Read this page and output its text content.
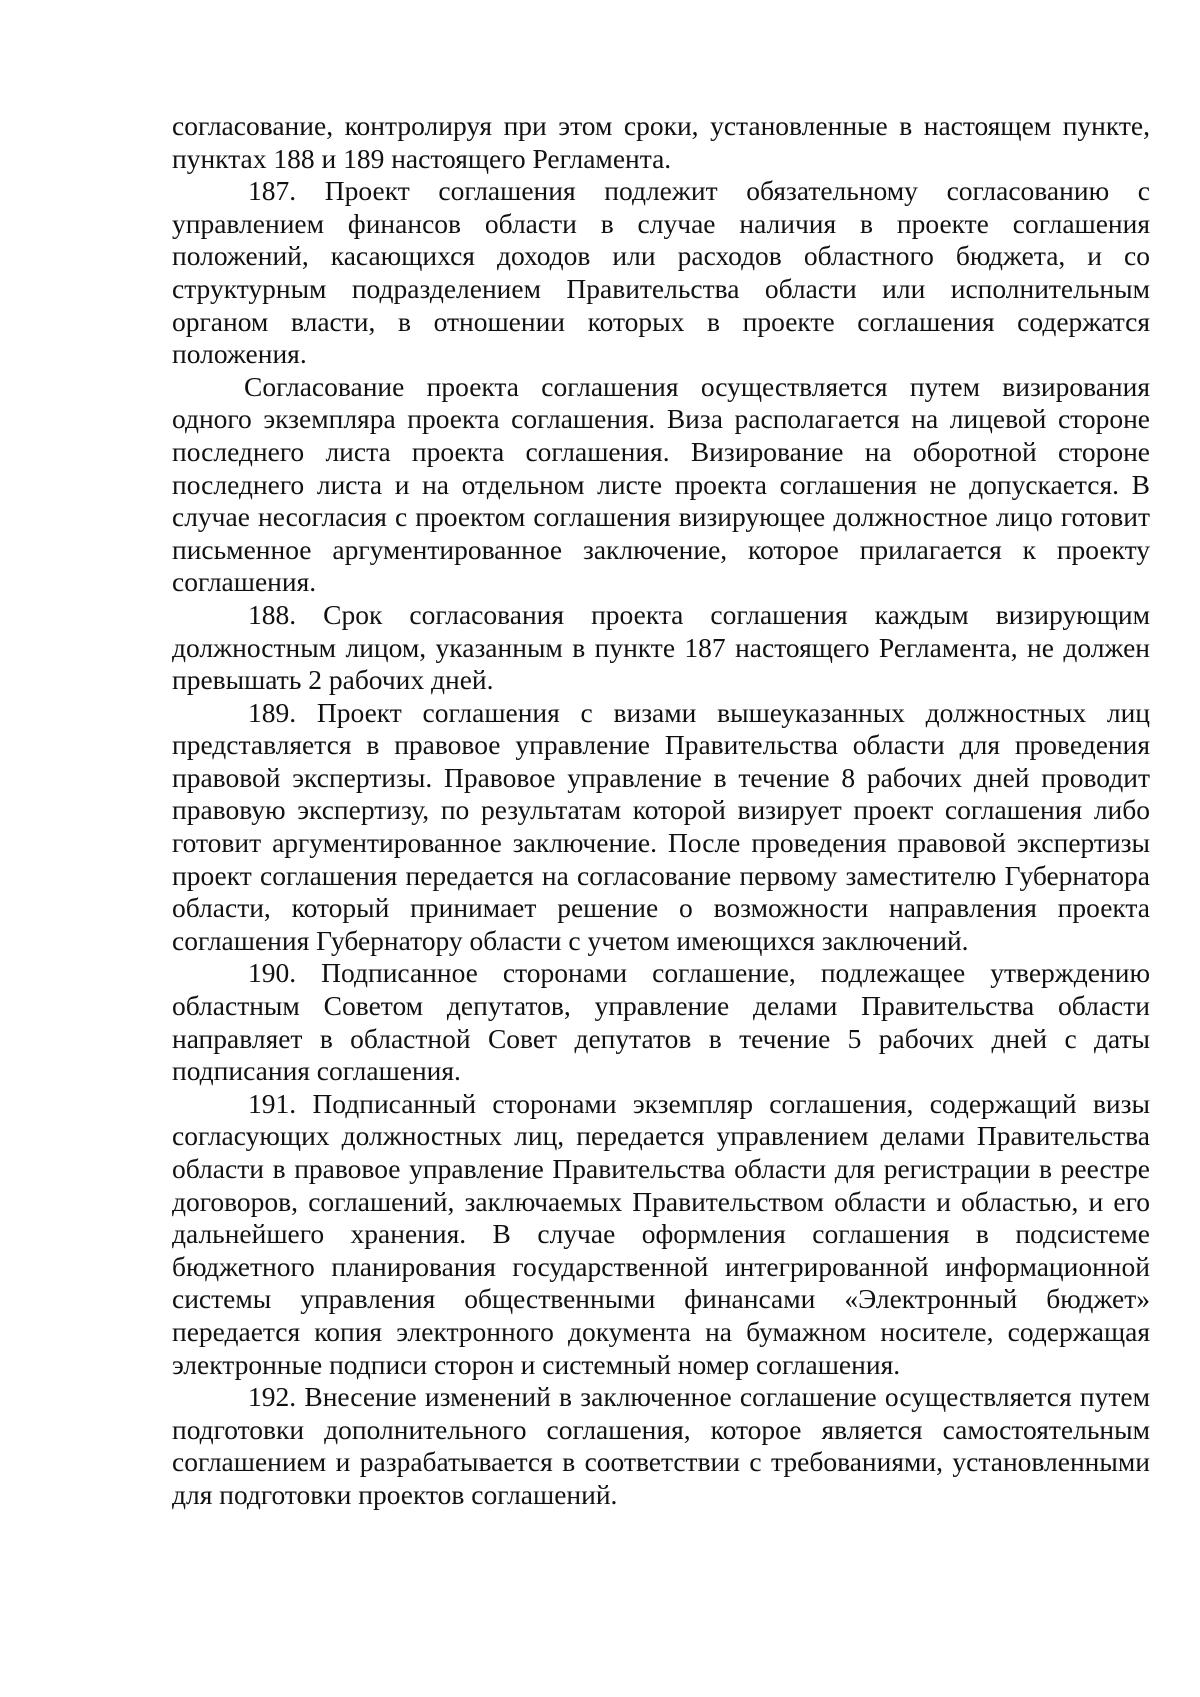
согласование, контролируя при этом сроки, установленные в настоящем пункте, пунктах 188 и 189 настоящего Регламента.

187. Проект соглашения подлежит обязательному согласованию с управлением финансов области в случае наличия в проекте соглашения положений, касающихся доходов или расходов областного бюджета, и со структурным подразделением Правительства области или исполнительным органом власти, в отношении которых в проекте соглашения содержатся положения.

Согласование проекта соглашения осуществляется путем визирования одного экземпляра проекта соглашения. Виза располагается на лицевой стороне последнего листа проекта соглашения. Визирование на оборотной стороне последнего листа и на отдельном листе проекта соглашения не допускается. В случае несогласия с проектом соглашения визирующее должностное лицо готовит письменное аргументированное заключение, которое прилагается к проекту соглашения.

188. Срок согласования проекта соглашения каждым визирующим должностным лицом, указанным в пункте 187 настоящего Регламента, не должен превышать 2 рабочих дней.

189. Проект соглашения с визами вышеуказанных должностных лиц представляется в правовое управление Правительства области для проведения правовой экспертизы. Правовое управление в течение 8 рабочих дней проводит правовую экспертизу, по результатам которой визирует проект соглашения либо готовит аргументированное заключение. После проведения правовой экспертизы проект соглашения передается на согласование первому заместителю Губернатора области, который принимает решение о возможности направления проекта соглашения Губернатору области с учетом имеющихся заключений.

190. Подписанное сторонами соглашение, подлежащее утверждению областным Советом депутатов, управление делами Правительства области направляет в областной Совет депутатов в течение 5 рабочих дней с даты подписания соглашения.

191. Подписанный сторонами экземпляр соглашения, содержащий визы согласующих должностных лиц, передается управлением делами Правительства области в правовое управление Правительства области для регистрации в реестре договоров, соглашений, заключаемых Правительством области и областью, и его дальнейшего хранения. В случае оформления соглашения в подсистеме бюджетного планирования государственной интегрированной информационной системы управления общественными финансами «Электронный бюджет» передается копия электронного документа на бумажном носителе, содержащая электронные подписи сторон и системный номер соглашения.

192. Внесение изменений в заключенное соглашение осуществляется путем подготовки дополнительного соглашения, которое является самостоятельным соглашением и разрабатывается в соответствии с требованиями, установленными для подготовки проектов соглашений.
